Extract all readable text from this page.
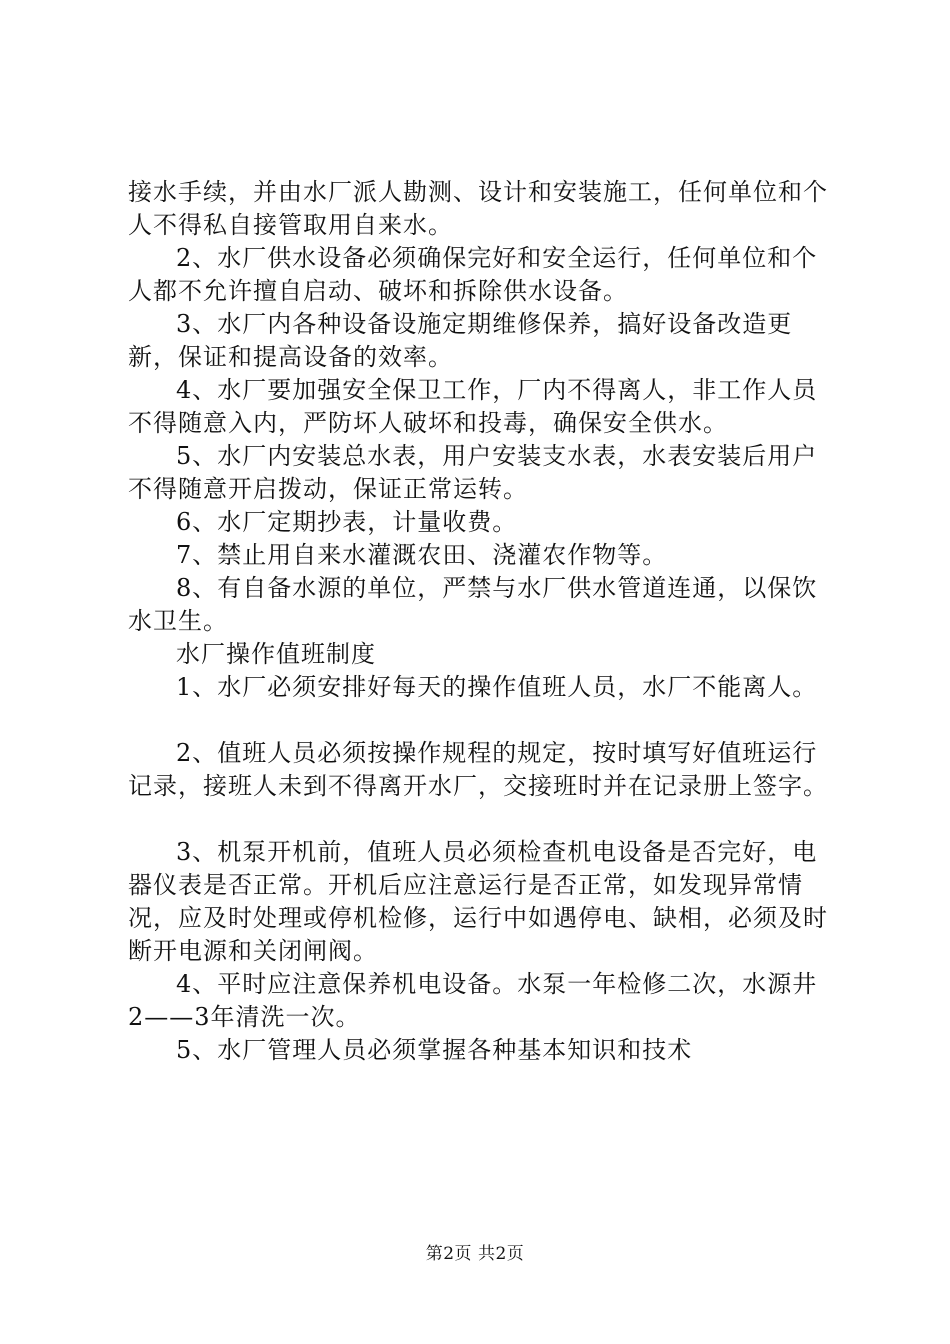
接水手续，并由水厂派人勘测、设计和安装施工，任何单位和个人不得私自接管取用自来水。

2、水厂供水设备必须确保完好和安全运行，任何单位和个人都不允许擅自启动、破坏和拆除供水设备。

3、水厂内各种设备设施定期维修保养，搞好设备改造更新，保证和提高设备的效率。

4、水厂要加强安全保卫工作，厂内不得离人，非工作人员不得随意入内，严防坏人破坏和投毒，确保安全供水。

5、水厂内安装总水表，用户安装支水表，水表安装后用户不得随意开启拨动，保证正常运转。

6、水厂定期抄表，计量收费。

7、禁止用自来水灌溉农田、浇灌农作物等。

8、有自备水源的单位，严禁与水厂供水管道连通，以保饮水卫生。

水厂操作值班制度

1、水厂必须安排好每天的操作值班人员，水厂不能离人。

2、值班人员必须按操作规程的规定，按时填写好值班运行记录，接班人未到不得离开水厂，交接班时并在记录册上签字。

3、机泵开机前，值班人员必须检查机电设备是否完好，电器仪表是否正常。开机后应注意运行是否正常，如发现异常情况，应及时处理或停机检修，运行中如遇停电、缺相，必须及时断开电源和关闭闸阀。

4、平时应注意保养机电设备。水泵一年检修二次，水源井2——3年清洗一次。

5、水厂管理人员必须掌握各种基本知识和技术

第2页 共2页
